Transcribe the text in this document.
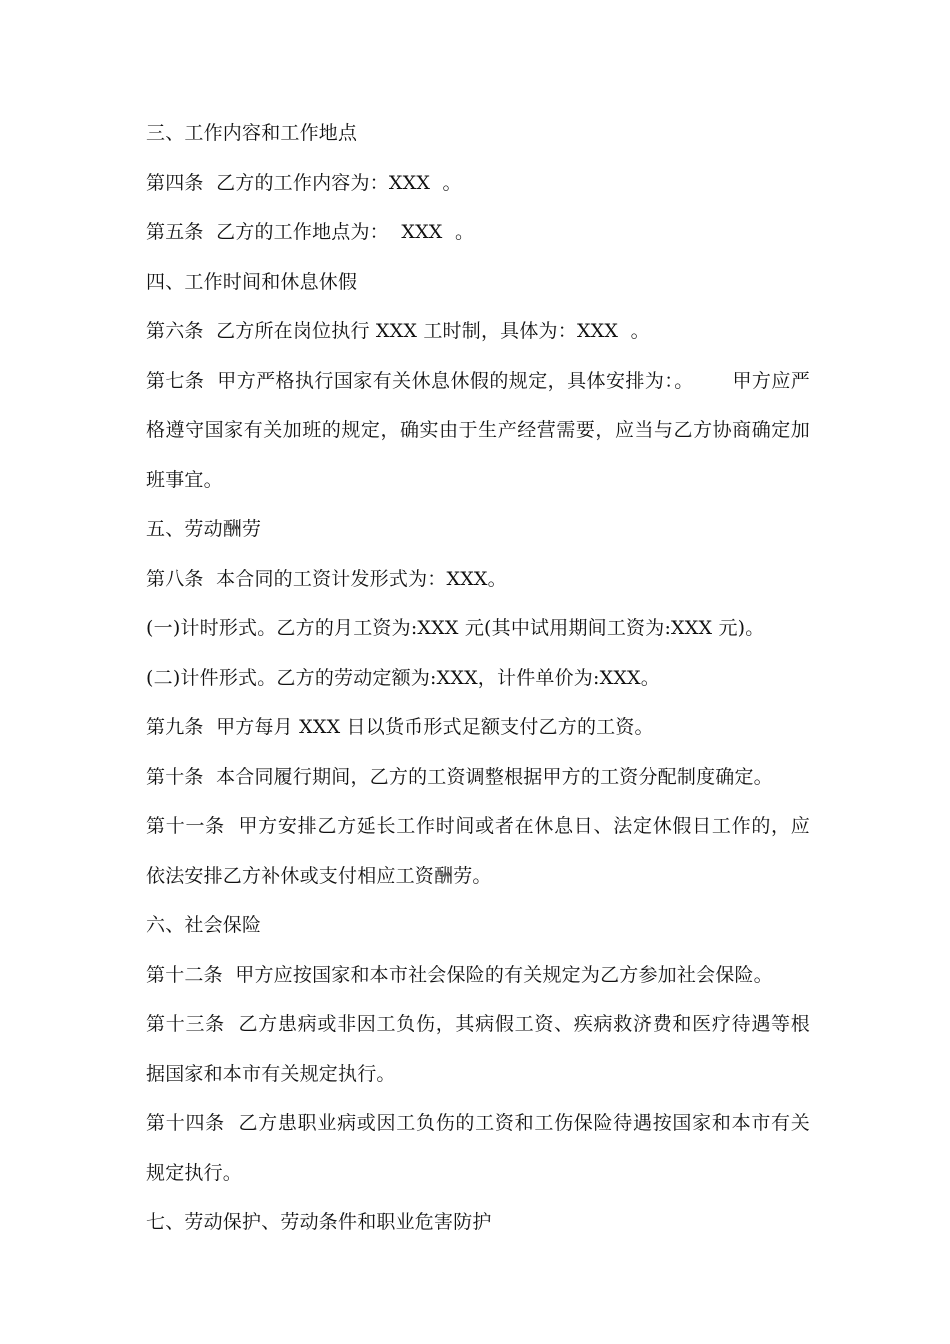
三、工作内容和工作地点

第四条  乙方的工作内容为：XXX  。

第五条  乙方的工作地点为：  XXX  。

四、工作时间和休息休假

第六条  乙方所在岗位执行 XXX 工时制，具体为：XXX  。

第七条  甲方严格执行国家有关休息休假的规定，具体安排为：。      甲方应严格遵守国家有关加班的规定，确实由于生产经营需要，应当与乙方协商确定加班事宜。

五、劳动酬劳

第八条  本合同的工资计发形式为：XXX。

(一)计时形式。乙方的月工资为:XXX 元(其中试用期间工资为:XXX 元)。

(二)计件形式。乙方的劳动定额为:XXX，计件单价为:XXX。

第九条  甲方每月 XXX 日以货币形式足额支付乙方的工资。

第十条  本合同履行期间，乙方的工资调整根据甲方的工资分配制度确定。

第十一条  甲方安排乙方延长工作时间或者在休息日、法定休假日工作的，应依法安排乙方补休或支付相应工资酬劳。

六、社会保险

第十二条  甲方应按国家和本市社会保险的有关规定为乙方参加社会保险。

第十三条  乙方患病或非因工负伤，其病假工资、疾病救济费和医疗待遇等根据国家和本市有关规定执行。

第十四条  乙方患职业病或因工负伤的工资和工伤保险待遇按国家和本市有关规定执行。

七、劳动保护、劳动条件和职业危害防护
